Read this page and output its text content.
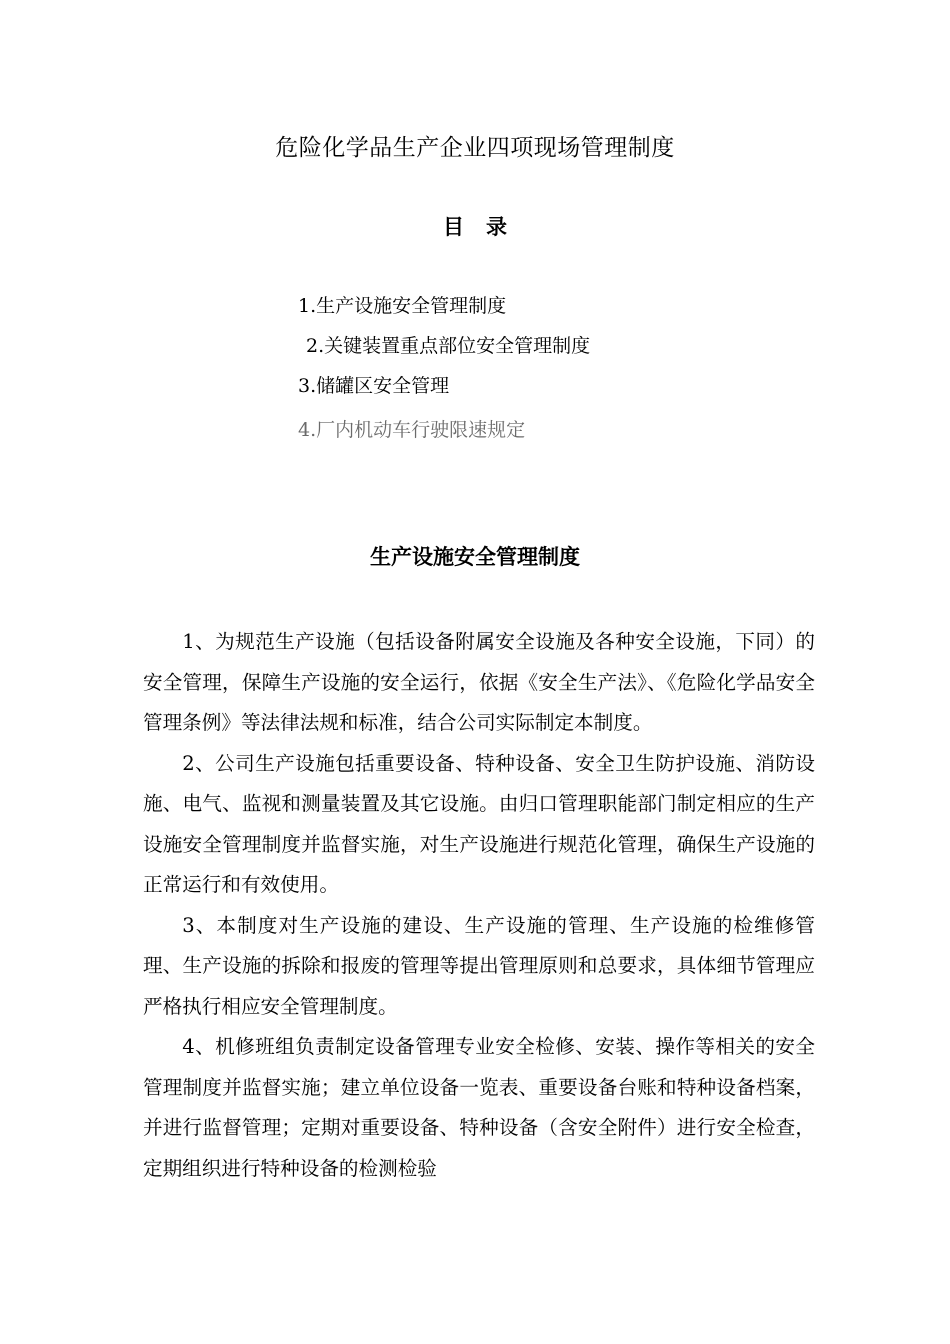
危险化学品生产企业四项现场管理制度
目 录
1.生产设施安全管理制度
2.关键装置重点部位安全管理制度
3.储罐区安全管理
4.厂内机动车行驶限速规定
生产设施安全管理制度

1、为规范生产设施（包括设备附属安全设施及各种安全设施，下同）的安全管理，保障生产设施的安全运行，依据《安全生产法》、《危险化学品安全管理条例》等法律法规和标准，结合公司实际制定本制度。

2、公司生产设施包括重要设备、特种设备、安全卫生防护设施、消防设施、电气、监视和测量装置及其它设施。由归口管理职能部门制定相应的生产设施安全管理制度并监督实施，对生产设施进行规范化管理，确保生产设施的正常运行和有效使用。

3、本制度对生产设施的建设、生产设施的管理、生产设施的检维修管理、生产设施的拆除和报废的管理等提出管理原则和总要求，具体细节管理应严格执行相应安全管理制度。

4、机修班组负责制定设备管理专业安全检修、安装、操作等相关的安全管理制度并监督实施；建立单位设备一览表、重要设备台账和特种设备档案，并进行监督管理；定期对重要设备、特种设备（含安全附件）进行安全检查，定期组织进行特种设备的检测检验
